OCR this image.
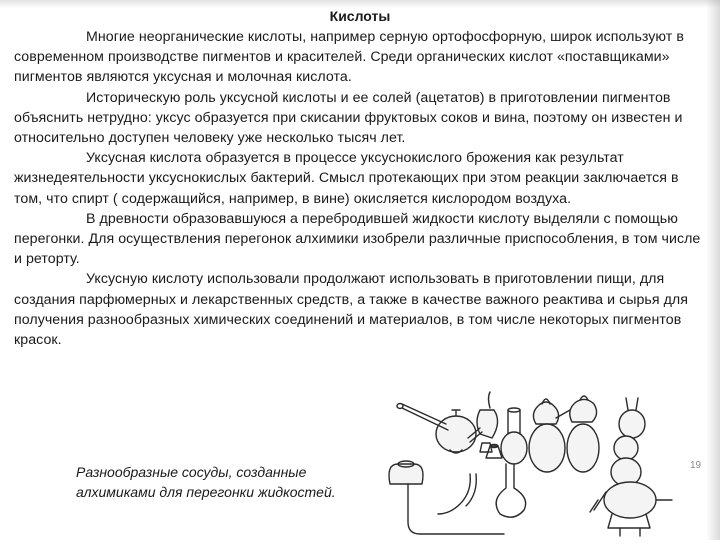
Кислоты

Многие неорганические кислоты, например серную ортофосфорную, широк используют в современном производстве пигментов и красителей. Среди органических кислот «поставщиками» пигментов являются уксусная и молочная кислота.

Историческую роль уксусной кислоты и ее солей (ацетатов) в приготовлении пигментов объяснить нетрудно: уксус образуется при скисании фруктовых соков и вина, поэтому он известен и относительно доступен человеку уже несколько тысяч лет.

Уксусная кислота образуется в процессе уксуснокислого брожения как результат жизнедеятельности уксуснокислых бактерий. Смысл протекающих при этом реакции заключается в том, что спирт ( содержащийся, например, в вине) окисляется кислородом воздуха.

В древности образовавшуюся а перебродившей жидкости кислоту выделяли с помощью перегонки. Для осуществления перегонок алхимики изобрели различные приспособления, в том числе и реторту.

Уксусную кислоту использовали продолжают использовать в приготовлении пищи, для создания парфюмерных и лекарственных средств, а также в качестве важного реактива и сырья для получения разнообразных химических соединений и материалов, в том числе некоторых пигментов красок.

Разнообразные сосуды, созданные алхимиками для перегонки жидкостей.
19
